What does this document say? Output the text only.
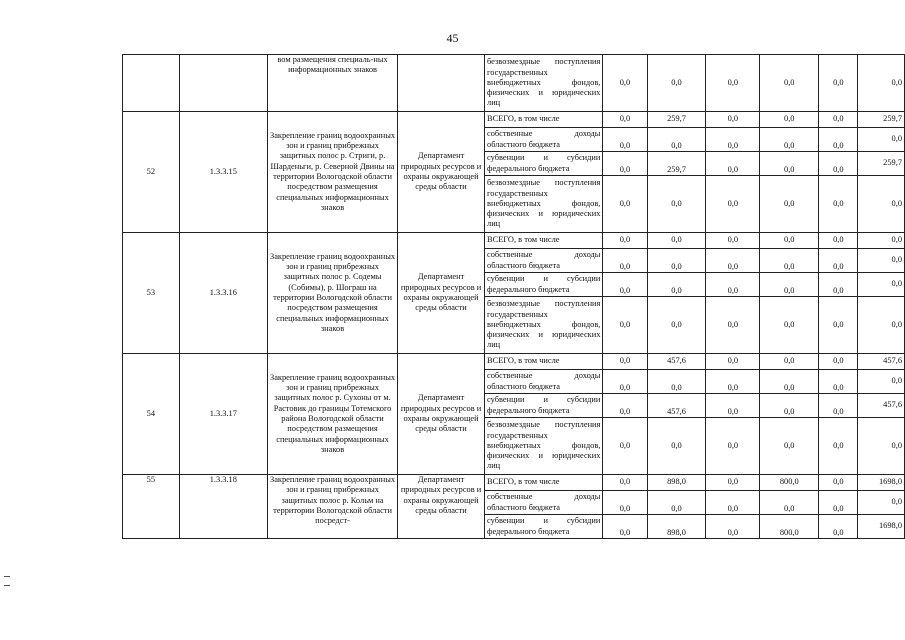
45
		вом размещения специаль-ных информационных знаков		безвозмездные поступления государственных внебюджетных фондов, физических и юридических лиц	0,0	0,0	0,0	0,0	0,0	0,0
52	1.3.3.15	Закрепление границ водоохранных зон и границ прибрежных защитных полос р. Стриги, р. Шарденьги, р. Северной Двины на территории Вологодской области посредством размещения специальных информационных знаков	Департамент природных ресурсов и охраны окружающей среды области	ВСЕГО, в том числе	0,0	259,7	0,0	0,0	0,0	259,7
				собственные доходы областного бюджета	0,0	0,0	0,0	0,0	0,0	0,0
				субвенции и субсидии федерального бюджета	0,0	259,7	0,0	0,0	0,0	259,7
				безвозмездные поступления государственных внебюджетных фондов, физических и юридических лиц	0,0	0,0	0,0	0,0	0,0	0,0
53	1.3.3.16	Закрепление границ водоохранных зон и границ прибрежных защитных полос р. Содемы (Собимы), р. Шограш на территории Вологодской области посредством размещения специальных информационных знаков	Департамент природных ресурсов и охраны окружающей среды области	ВСЕГО, в том числе	0,0	0,0	0,0	0,0	0,0	0,0
				собственные доходы областного бюджета	0,0	0,0	0,0	0,0	0,0	0,0
				субвенции и субсидии федерального бюджета	0,0	0,0	0,0	0,0	0,0	0,0
				безвозмездные поступления государственных внебюджетных фондов, физических и юридических лиц	0,0	0,0	0,0	0,0	0,0	0,0
54	1.3.3.17	Закрепление границ водоохранных зон и границ прибрежных защитных полос р. Сухоны от м. Растовик до границы Тотемского района Вологодской области посредством размещения специальных информационных знаков	Департамент природных ресурсов и охраны окружающей среды области	ВСЕГО, в том числе	0,0	457,6	0,0	0,0	0,0	457,6
				собственные доходы областного бюджета	0,0	0,0	0,0	0,0	0,0	0,0
				субвенции и субсидии федерального бюджета	0,0	457,6	0,0	0,0	0,0	457,6
				безвозмездные поступления государственных внебюджетных фондов, физических и юридических лиц	0,0	0,0	0,0	0,0	0,0	0,0
55	1.3.3.18	Закрепление границ водоохранных зон и границ прибрежных защитных полос р. Кольм на территории Вологодской области посредст-	Департамент природных ресурсов и охраны окружающей среды области	ВСЕГО, в том числе	0,0	898,0	0,0	800,0	0,0	1698,0
				собственные доходы областного бюджета	0,0	0,0	0,0	0,0	0,0	0,0
				субвенции и субсидии федерального бюджета	0,0	898,0	0,0	800,0	0,0	1698,0
